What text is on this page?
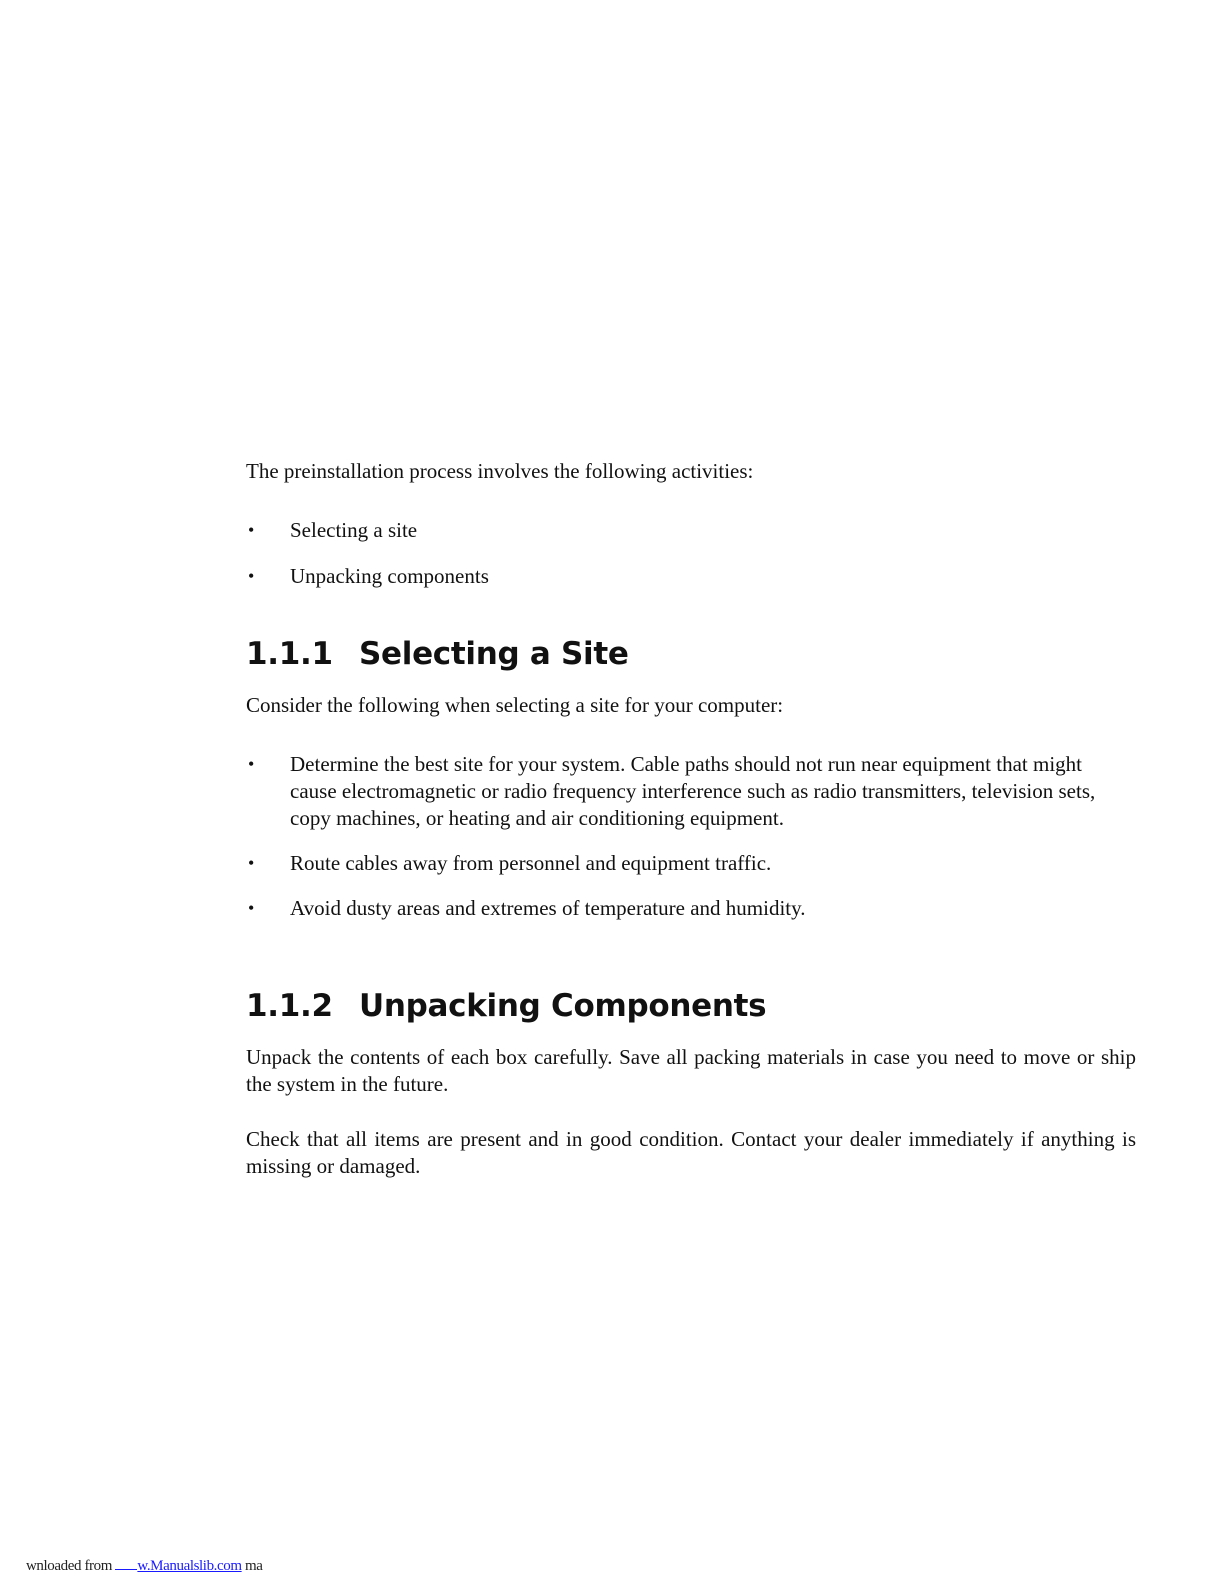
The preinstallation process involves the following activities:

•	Selecting a site
•	Unpacking components
1.1.1 Selecting a Site

Consider the following when selecting a site for your computer:

•	Determine the best site for your system. Cable paths should not run near equipment that might cause electromagnetic or radio frequency interference such as radio transmitters, television sets, copy machines, or heating and air conditioning equipment.
•	Route cables away from personnel and equipment traffic.
•	Avoid dusty areas and extremes of temperature and humidity.
1.1.2 Unpacking Components

Unpack the contents of each box carefully. Save all packing materials in case you need to move or ship the system in the future.

Check that all items are present and in good condition. Contact your dealer immediately if anything is missing or damaged.

wnloaded from w.Manualslib.com ma
